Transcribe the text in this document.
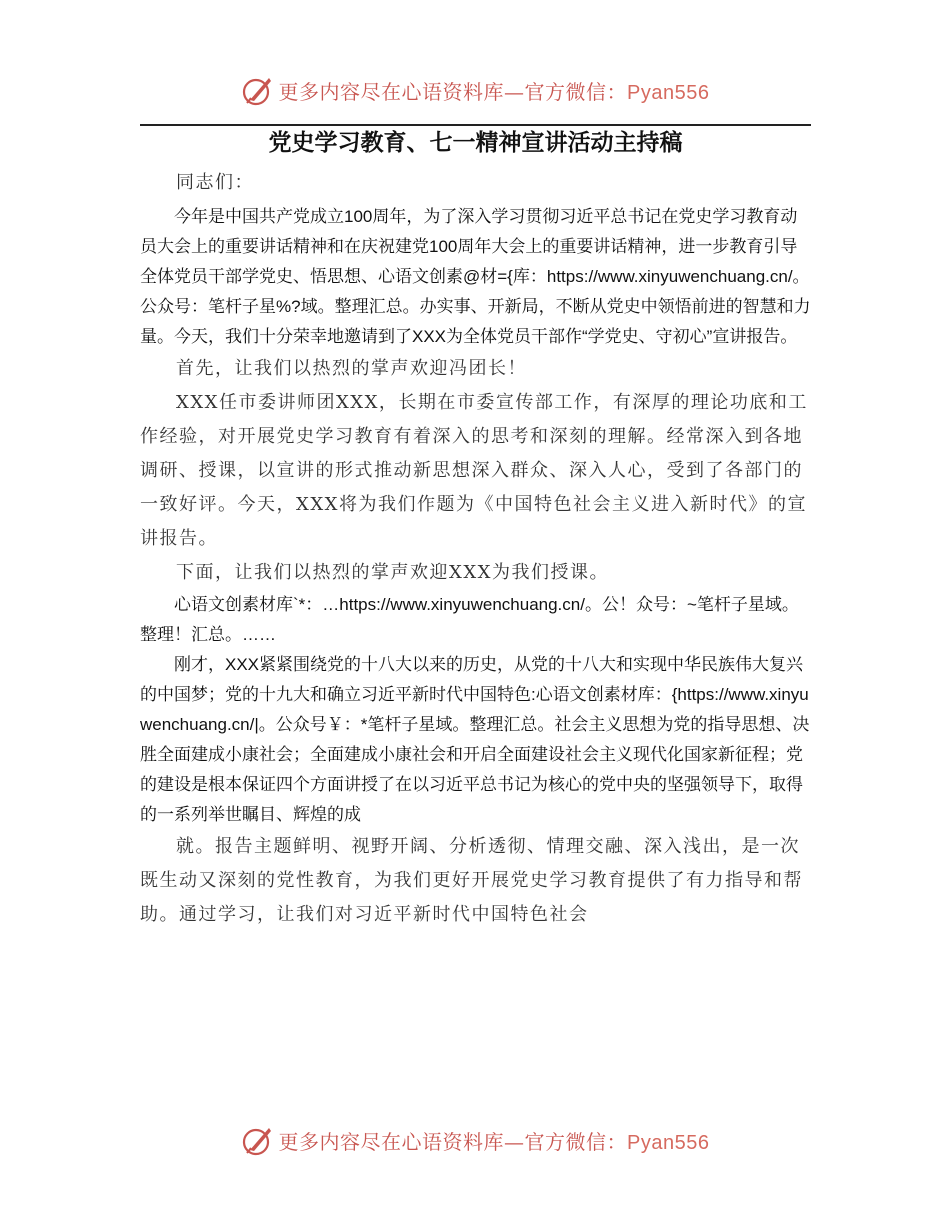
更多内容尽在心语资料库—官方微信：Pyan556
党史学习教育、七一精神宣讲活动主持稿

同志们：

今年是中国共产党成立100周年，为了深入学习贯彻习近平总书记在党史学习教育动员大会上的重要讲话精神和在庆祝建党100周年大会上的重要讲话精神，进一步教育引导全体党员干部学党史、悟思想、心语文创素@材={库：https://www.xinyuwenchuang.cn/。公众号：笔杆子星%?域。整理汇总。办实事、开新局，不断从党史中领悟前进的智慧和力量。今天，我们十分荣幸地邀请到了XXX为全体党员干部作“学党史、守初心”宣讲报告。

首先，让我们以热烈的掌声欢迎冯团长！

XXX任市委讲师团XXX，长期在市委宣传部工作，有深厚的理论功底和工作经验，对开展党史学习教育有着深入的思考和深刻的理解。经常深入到各地调研、授课，以宣讲的形式推动新思想深入群众、深入人心，受到了各部门的一致好评。今天，XXX将为我们作题为《中国特色社会主义进入新时代》的宣讲报告。

下面，让我们以热烈的掌声欢迎XXX为我们授课。

心语文创素材库`*：…https://www.xinyuwenchuang.cn/。公！众号：~笔杆子星域。整理！汇总。……

刚才，XXX紧紧围绕党的十八大以来的历史，从党的十八大和实现中华民族伟大复兴的中国梦；党的十九大和确立习近平新时代中国特色:心语文创素材库：{https://www.xinyuwenchuang.cn/|。公众号￥：*笔杆子星域。整理汇总。社会主义思想为党的指导思想、决胜全面建成小康社会；全面建成小康社会和开启全面建设社会主义现代化国家新征程；党的建设是根本保证四个方面讲授了在以习近平总书记为核心的党中央的坚强领导下，取得的一系列举世瞩目、辉煌的成

就。报告主题鲜明、视野开阔、分析透彻、情理交融、深入浅出，是一次既生动又深刻的党性教育，为我们更好开展党史学习教育提供了有力指导和帮助。通过学习，让我们对习近平新时代中国特色社会

更多内容尽在心语资料库—官方微信：Pyan556
